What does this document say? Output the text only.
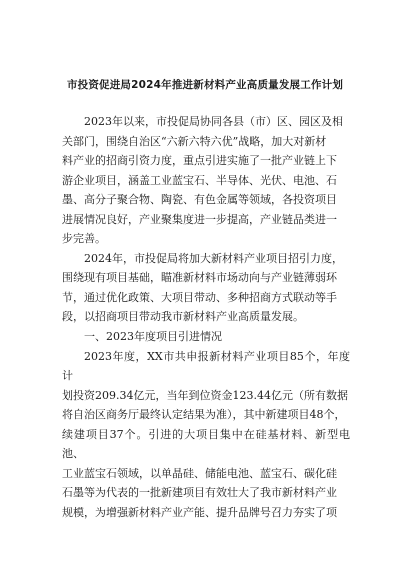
市投资促进局2024年推进新材料产业高质量发展工作计划

2023年以来，市投促局协同各县（市）区、园区及相
关部门，围绕自治区“六新六特六优”战略，加大对新材
料产业的招商引资力度，重点引进实施了一批产业链上下
游企业项目，涵盖工业蓝宝石、半导体、光伏、电池、石
墨、高分子聚合物、陶瓷、有色金属等领域，各投资项目
进展情况良好，产业聚集度进一步提高，产业链品类进一
步完善。

2024年，市投促局将加大新材料产业项目招引力度，
围绕现有项目基础，瞄准新材料市场动向与产业链薄弱环
节，通过优化政策、大项目带动、多种招商方式联动等手
段，以招商项目带动我市新材料产业高质量发展。

一、2023年度项目引进情况

2023年度，XX市共申报新材料产业项目85个，年度计
划投资209.34亿元，当年到位资金123.44亿元（所有数据
将自治区商务厅最终认定结果为准），其中新建项目48个，
续建项目37个。引进的大项目集中在硅基材料、新型电池、
工业蓝宝石领域，以单晶硅、储能电池、蓝宝石、碳化硅
石墨等为代表的一批新建项目有效壮大了我市新材料产业
规模，为增强新材料产业产能、提升品牌号召力夯实了项
